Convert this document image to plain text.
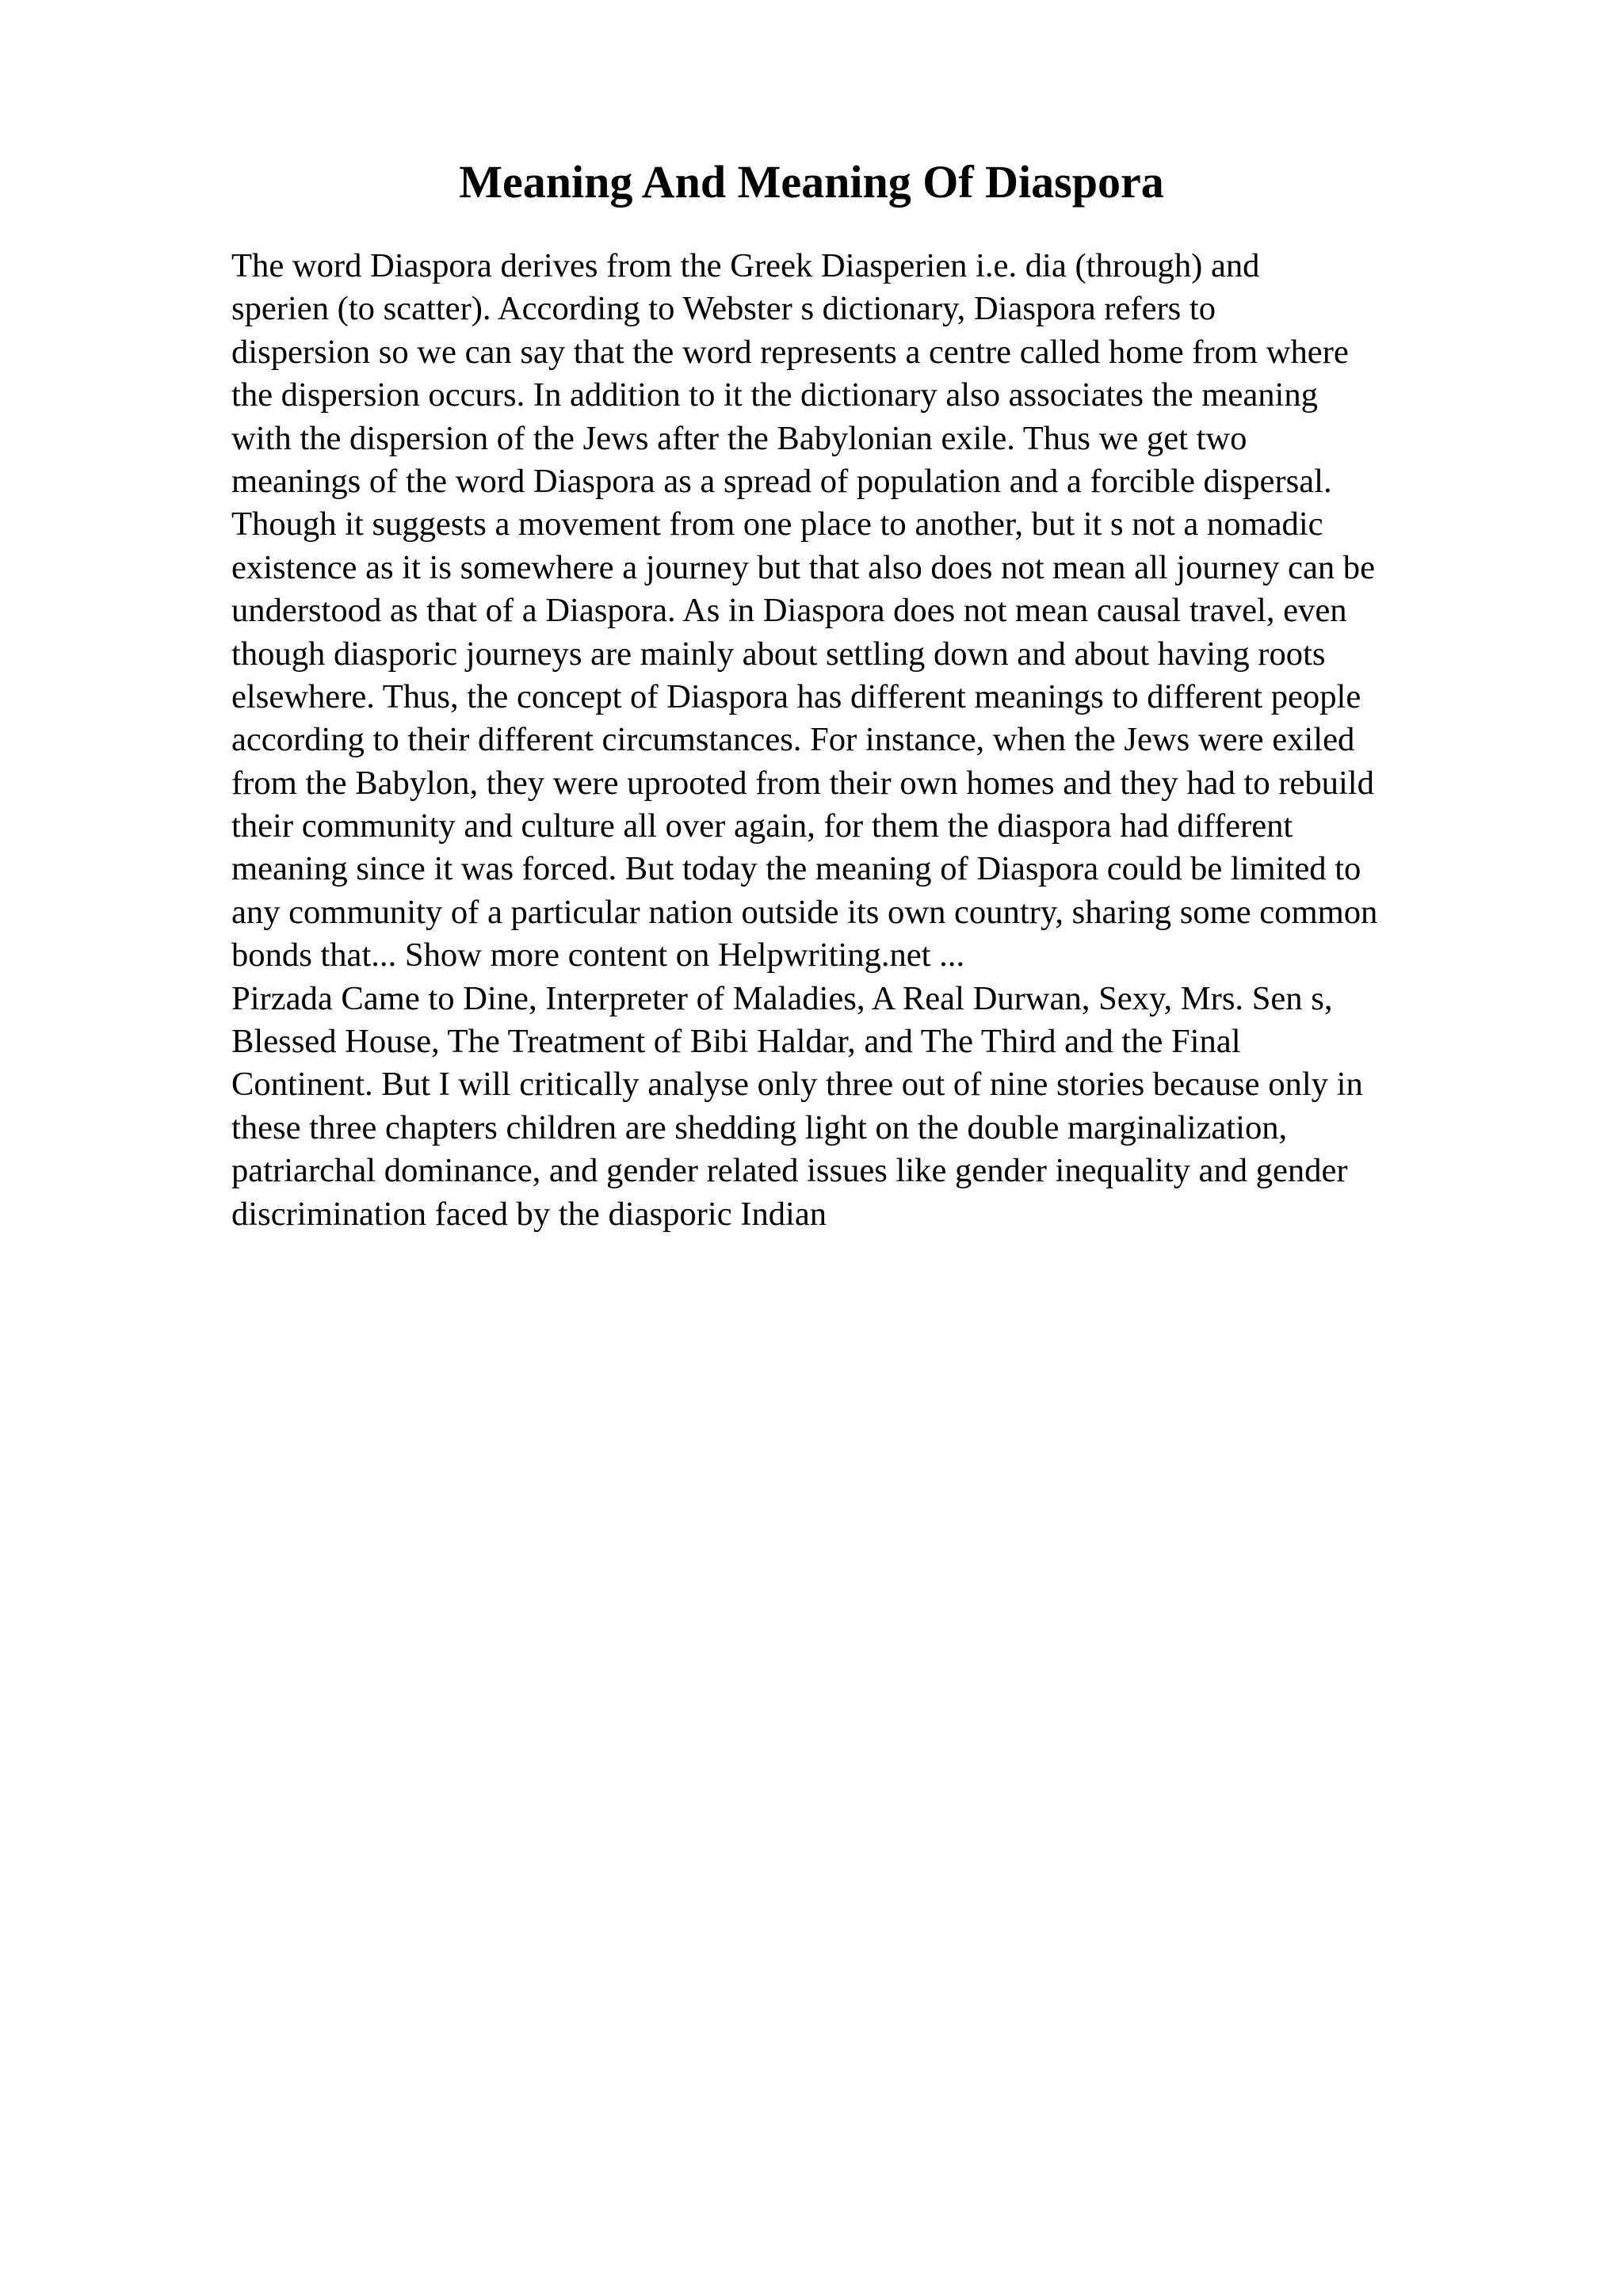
Meaning And Meaning Of Diaspora
The word Diaspora derives from the Greek Diasperien i.e. dia (through) and
sperien (to scatter). According to Webster s dictionary, Diaspora refers to
dispersion so we can say that the word represents a centre called home from where
the dispersion occurs. In addition to it the dictionary also associates the meaning
with the dispersion of the Jews after the Babylonian exile. Thus we get two
meanings of the word Diaspora as a spread of population and a forcible dispersal.
Though it suggests a movement from one place to another, but it s not a nomadic
existence as it is somewhere a journey but that also does not mean all journey can be
understood as that of a Diaspora. As in Diaspora does not mean causal travel, even
though diasporic journeys are mainly about settling down and about having roots
elsewhere. Thus, the concept of Diaspora has different meanings to different people
according to their different circumstances. For instance, when the Jews were exiled
from the Babylon, they were uprooted from their own homes and they had to rebuild
their community and culture all over again, for them the diaspora had different
meaning since it was forced. But today the meaning of Diaspora could be limited to
any community of a particular nation outside its own country, sharing some common
bonds that... Show more content on Helpwriting.net ...
Pirzada Came to Dine, Interpreter of Maladies, A Real Durwan, Sexy, Mrs. Sen s,
Blessed House, The Treatment of Bibi Haldar, and The Third and the Final
Continent. But I will critically analyse only three out of nine stories because only in
these three chapters children are shedding light on the double marginalization,
patriarchal dominance, and gender related issues like gender inequality and gender
discrimination faced by the diasporic Indian
